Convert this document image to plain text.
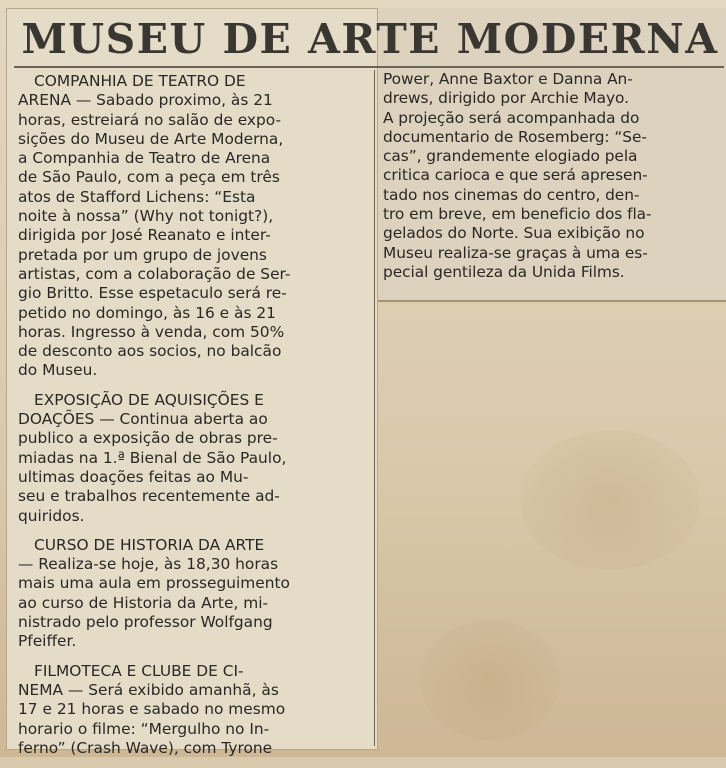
MUSEU DE ARTE MODERNA
COMPANHIA DE TEATRO DE
ARENA — Sabado proximo, às 21
horas, estreiará no salão de expo-
sições do Museu de Arte Moderna,
a Companhia de Teatro de Arena
de São Paulo, com a peça em três
atos de Stafford Lichens: “Esta
noite à nossa” (Why not tonigt?),
dirigida por José Reanato e inter-
pretada por um grupo de jovens
artistas, com a colaboração de Ser-
gio Britto. Esse espetaculo será re-
petido no domingo, às 16 e às 21
horas. Ingresso à venda, com 50%
de desconto aos socios, no balcão
do Museu.
EXPOSIÇÃO DE AQUISIÇÕES E
DOAÇÕES — Continua aberta ao
publico a exposição de obras pre-
miadas na 1.ª Bienal de São Paulo,
ultimas doações feitas ao Mu-
seu e trabalhos recentemente ad-
quiridos.
CURSO DE HISTORIA DA ARTE
— Realiza-se hoje, às 18,30 horas
mais uma aula em prosseguimento
ao curso de Historia da Arte, mi-
nistrado pelo professor Wolfgang
Pfeiffer.
FILMOTECA E CLUBE DE CI-
NEMA — Será exibido amanhã, às
17 e 21 horas e sabado no mesmo
horario o filme: “Mergulho no In-
ferno” (Crash Wave), com Tyrone
Power, Anne Baxtor e Danna An-
drews, dirigido por Archie Mayo.
A projeção será acompanhada do
documentario de Rosemberg: “Se-
cas”, grandemente elogiado pela
critica carioca e que será apresen-
tado nos cinemas do centro, den-
tro em breve, em beneficio dos fla-
gelados do Norte. Sua exibição no
Museu realiza-se graças à uma es-
pecial gentileza da Unida Films.
